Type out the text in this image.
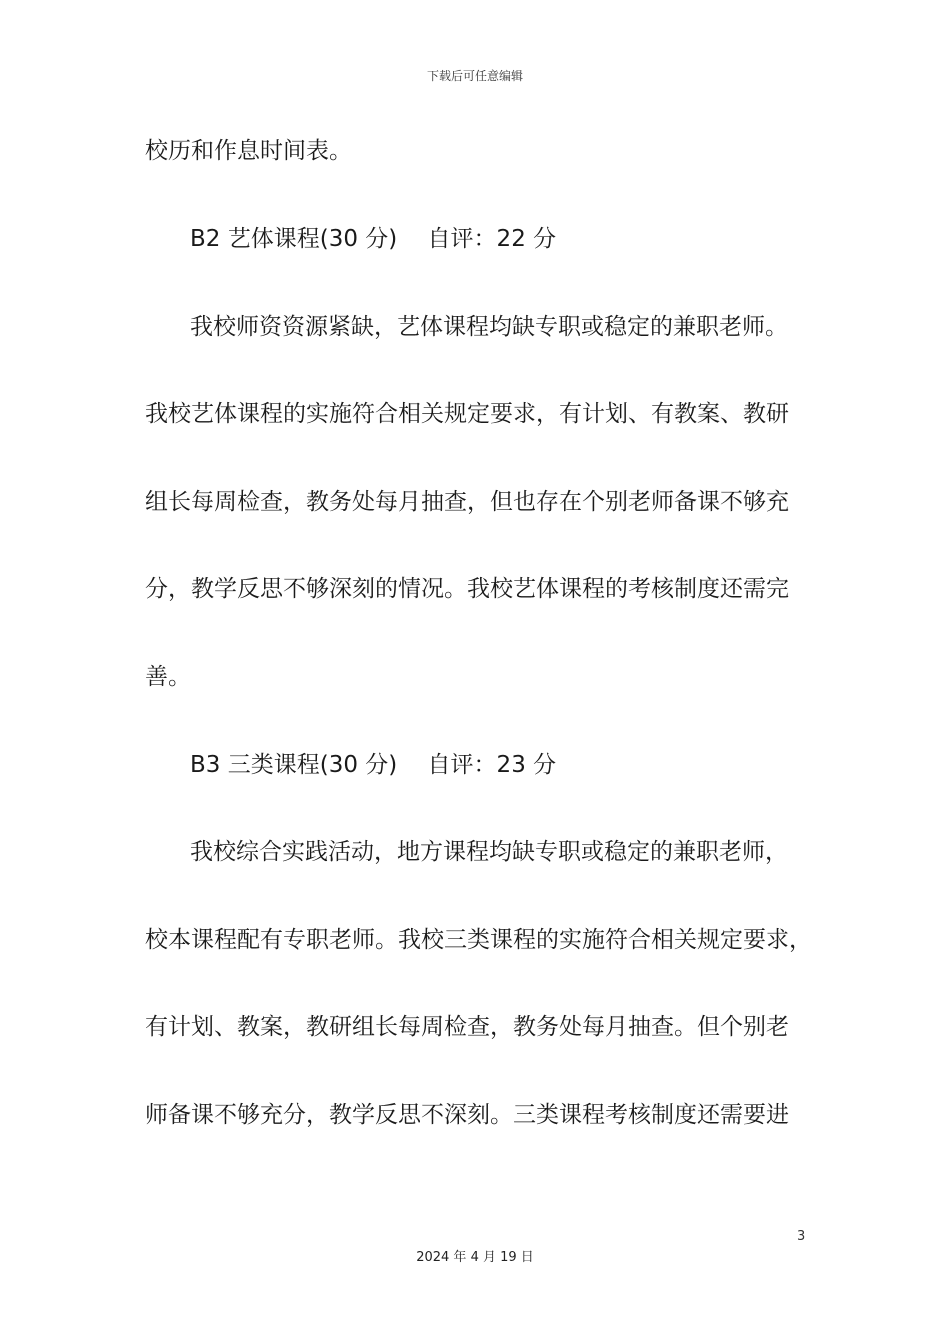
下载后可任意编辑
校历和作息时间表。
B2 艺体课程(30 分)　 自评：22 分
我校师资资源紧缺，艺体课程均缺专职或稳定的兼职老师。
我校艺体课程的实施符合相关规定要求，有计划、有教案、教研
组长每周检查，教务处每月抽查，但也存在个别老师备课不够充
分，教学反思不够深刻的情况。我校艺体课程的考核制度还需完
善。
B3 三类课程(30 分)　 自评：23 分
我校综合实践活动，地方课程均缺专职或稳定的兼职老师，
校本课程配有专职老师。我校三类课程的实施符合相关规定要求，
有计划、教案，教研组长每周检查，教务处每月抽查。但个别老
师备课不够充分，教学反思不深刻。三类课程考核制度还需要进
3
2024 年 4 月 19 日
